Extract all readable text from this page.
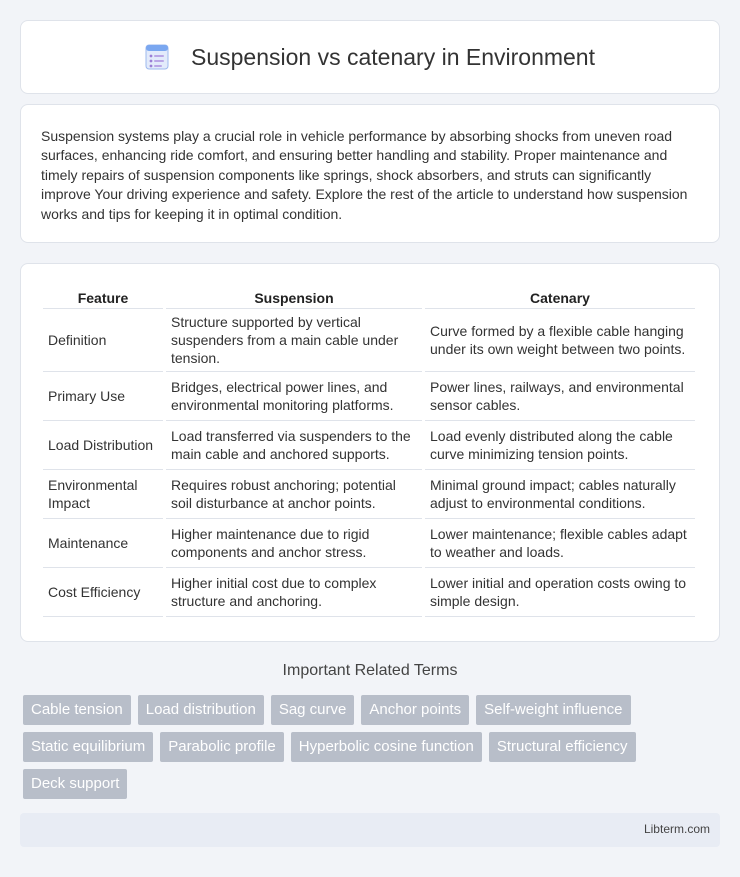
Suspension vs catenary in Environment

Suspension systems play a crucial role in vehicle performance by absorbing shocks from uneven road surfaces, enhancing ride comfort, and ensuring better handling and stability. Proper maintenance and timely repairs of suspension components like springs, shock absorbers, and struts can significantly improve Your driving experience and safety. Explore the rest of the article to understand how suspension works and tips for keeping it in optimal condition.

Feature	Suspension	Catenary
Definition	Structure supported by vertical suspenders from a main cable under tension.	Curve formed by a flexible cable hanging under its own weight between two points.
Primary Use	Bridges, electrical power lines, and environmental monitoring platforms.	Power lines, railways, and environmental sensor cables.
Load Distribution	Load transferred via suspenders to the main cable and anchored supports.	Load evenly distributed along the cable curve minimizing tension points.
Environmental Impact	Requires robust anchoring; potential soil disturbance at anchor points.	Minimal ground impact; cables naturally adjust to environmental conditions.
Maintenance	Higher maintenance due to rigid components and anchor stress.	Lower maintenance; flexible cables adapt to weather and loads.
Cost Efficiency	Higher initial cost due to complex structure and anchoring.	Lower initial and operation costs owing to simple design.
Important Related Terms
Cable tension	Load distribution	Sag curve	Anchor points	Self-weight influence
Static equilibrium	Parabolic profile	Hyperbolic cosine function	Structural efficiency
Deck support
Libterm.com
